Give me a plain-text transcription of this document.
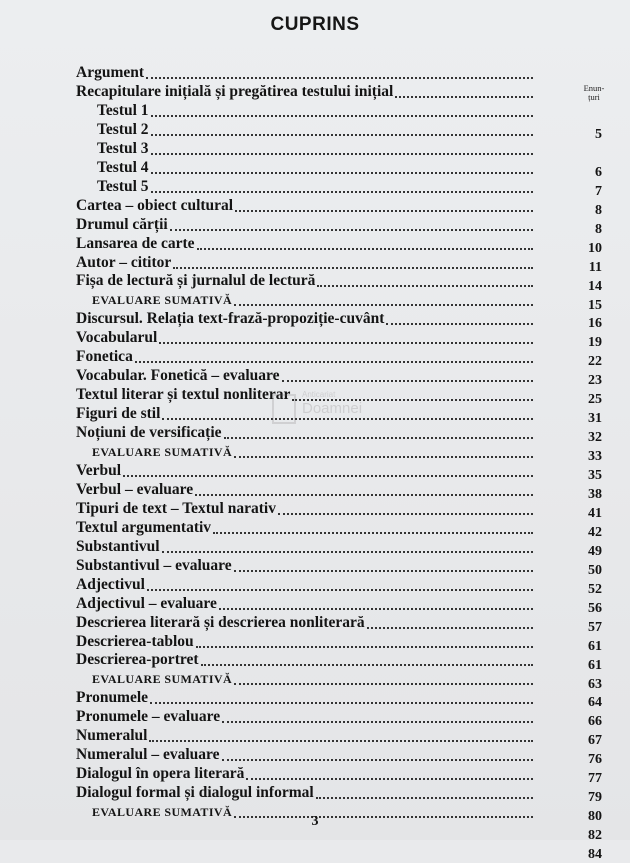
CUPRINS
Enun-
țuri
Argument
Recapitulare inițială și pregătirea testului inițial
5
Testul 1
Testul 2
6
Testul 3
7
Testul 4
8
Testul 5
8
Cartea – obiect cultural
10
Drumul cărții
11
Lansarea de carte
14
Autor – cititor
15
Fișa de lectură și jurnalul de lectură
16
EVALUARE SUMATIVĂ
19
Discursul. Relația text-frază-propoziție-cuvânt
22
Vocabularul
23
Fonetica
25
Vocabular. Fonetică – evaluare
31
Textul literar și textul nonliterar
32
Figuri de stil
33
Noțiuni de versificație
35
EVALUARE SUMATIVĂ
38
Verbul
41
Verbul – evaluare
42
Tipuri de text – Textul narativ
49
Textul argumentativ
50
Substantivul
52
Substantivul – evaluare
56
Adjectivul
57
Adjectivul – evaluare
61
Descrierea literară și descrierea nonliterară
61
Descrierea-tablou
63
Descrierea-portret
64
EVALUARE SUMATIVĂ
66
Pronumele
67
Pronumele – evaluare
76
Numeralul
77
Numeralul – evaluare
79
Dialogul în opera literară
80
Dialogul formal și dialogul informal
82
EVALUARE SUMATIVĂ
84
Anticariat
Doamnei
3
